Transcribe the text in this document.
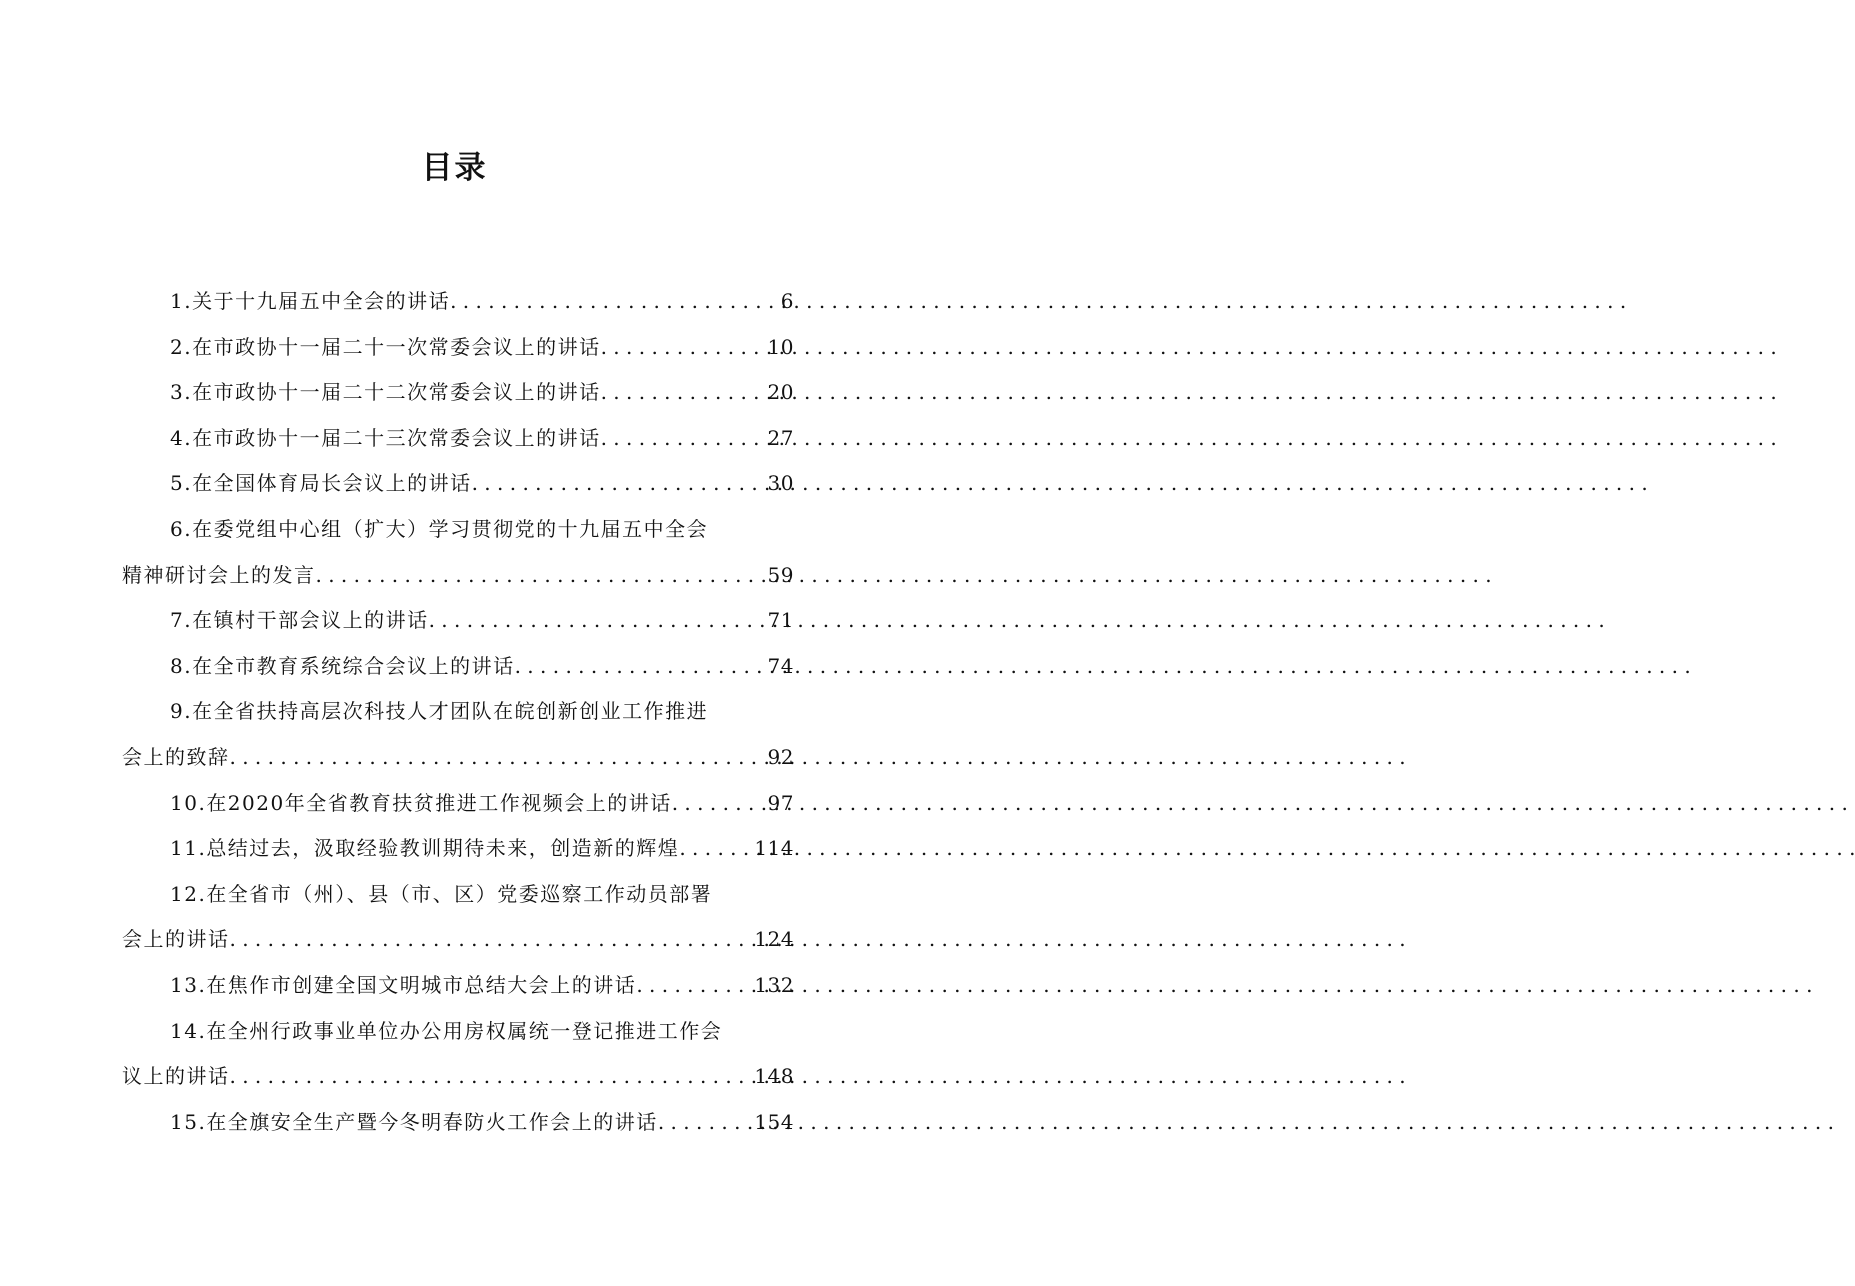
目录
1.关于十九届五中全会的讲话 . . .	6
2.在市政协十一届二十一次常委会议上的讲话 . . .	10
3.在市政协十一届二十二次常委会议上的讲话 . . .	20
4.在市政协十一届二十三次常委会议上的讲话 . . .	27
5.在全国体育局长会议上的讲话 . . .	30
6.在委党组中心组（扩大）学习贯彻党的十九届五中全会
精神研讨会上的发言 . . .	59
7.在镇村干部会议上的讲话 . . .	71
8.在全市教育系统综合会议上的讲话 . . .	74
9.在全省扶持高层次科技人才团队在皖创新创业工作推进
会上的致辞 . . .	92
10.在2020年全省教育扶贫推进工作视频会上的讲话 . . .	97
11.总结过去，汲取经验教训期待未来，创造新的辉煌 . . .	114
12.在全省市（州）、县（市、区）党委巡察工作动员部署
会上的讲话 . . .	124
13.在焦作市创建全国文明城市总结大会上的讲话 . . .	132
14.在全州行政事业单位办公用房权属统一登记推进工作会
议上的讲话 . . .	148
15.在全旗安全生产暨今冬明春防火工作会上的讲话 . . .	154
